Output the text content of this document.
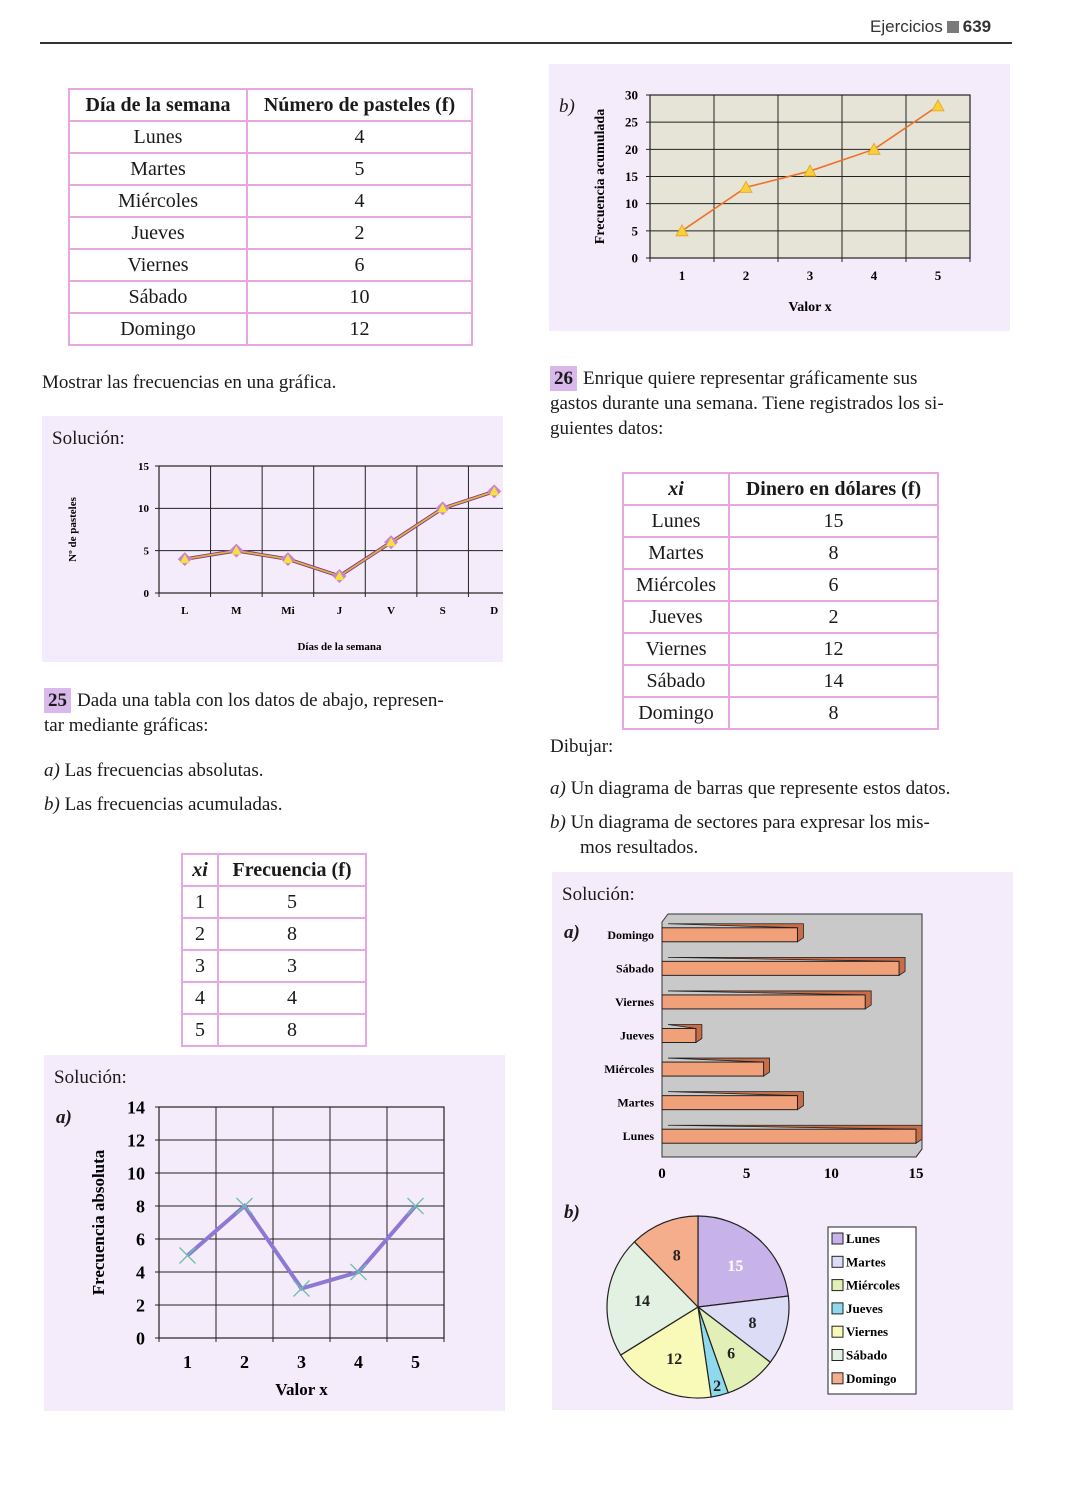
Ejercicios 639
Día de la semana	Número de pasteles (f)
Lunes	4
Martes	5
Miércoles	4
Jueves	2
Viernes	6
Sábado	10
Domingo	12
Mostrar las frecuencias en una gráfica.
Solución:
0
5
10
15
L	M	Mi	J	V	S	D
Días de la semana
Nº de pasteles
25 Dada una tabla con los datos de abajo, represen-
tar mediante gráficas:
a) Las frecuencias absolutas.
b) Las frecuencias acumuladas.
xi	Frecuencia (f)
1	5
2	8
3	3
4	4
5	8
Solución:
a)
0
2
4
6
8
10
12
14
1	2	3	4	5
Valor x
Frecuencia absoluta
b)
0
5
10
15
20
25
30
1	2	3	4	5
Valor x
Frecuencia acumulada
26 Enrique quiere representar gráficamente sus
gastos durante una semana. Tiene registrados los si-
guientes datos:
xi	Dinero en dólares (f)
Lunes	15
Martes	8
Miércoles	6
Jueves	2
Viernes	12
Sábado	14
Domingo	8
Dibujar:
a) Un diagrama de barras que represente estos datos.
b) Un diagrama de sectores para expresar los mis-
mos resultados.
Solución:
a)
b)
Lunes
Martes
Miércoles
Jueves
Viernes
Sábado
Domingo
0	5	10	15
15
8
6
2
12
14
8
Lunes
Martes
Miércoles
Jueves
Viernes
Sábado
Domingo
